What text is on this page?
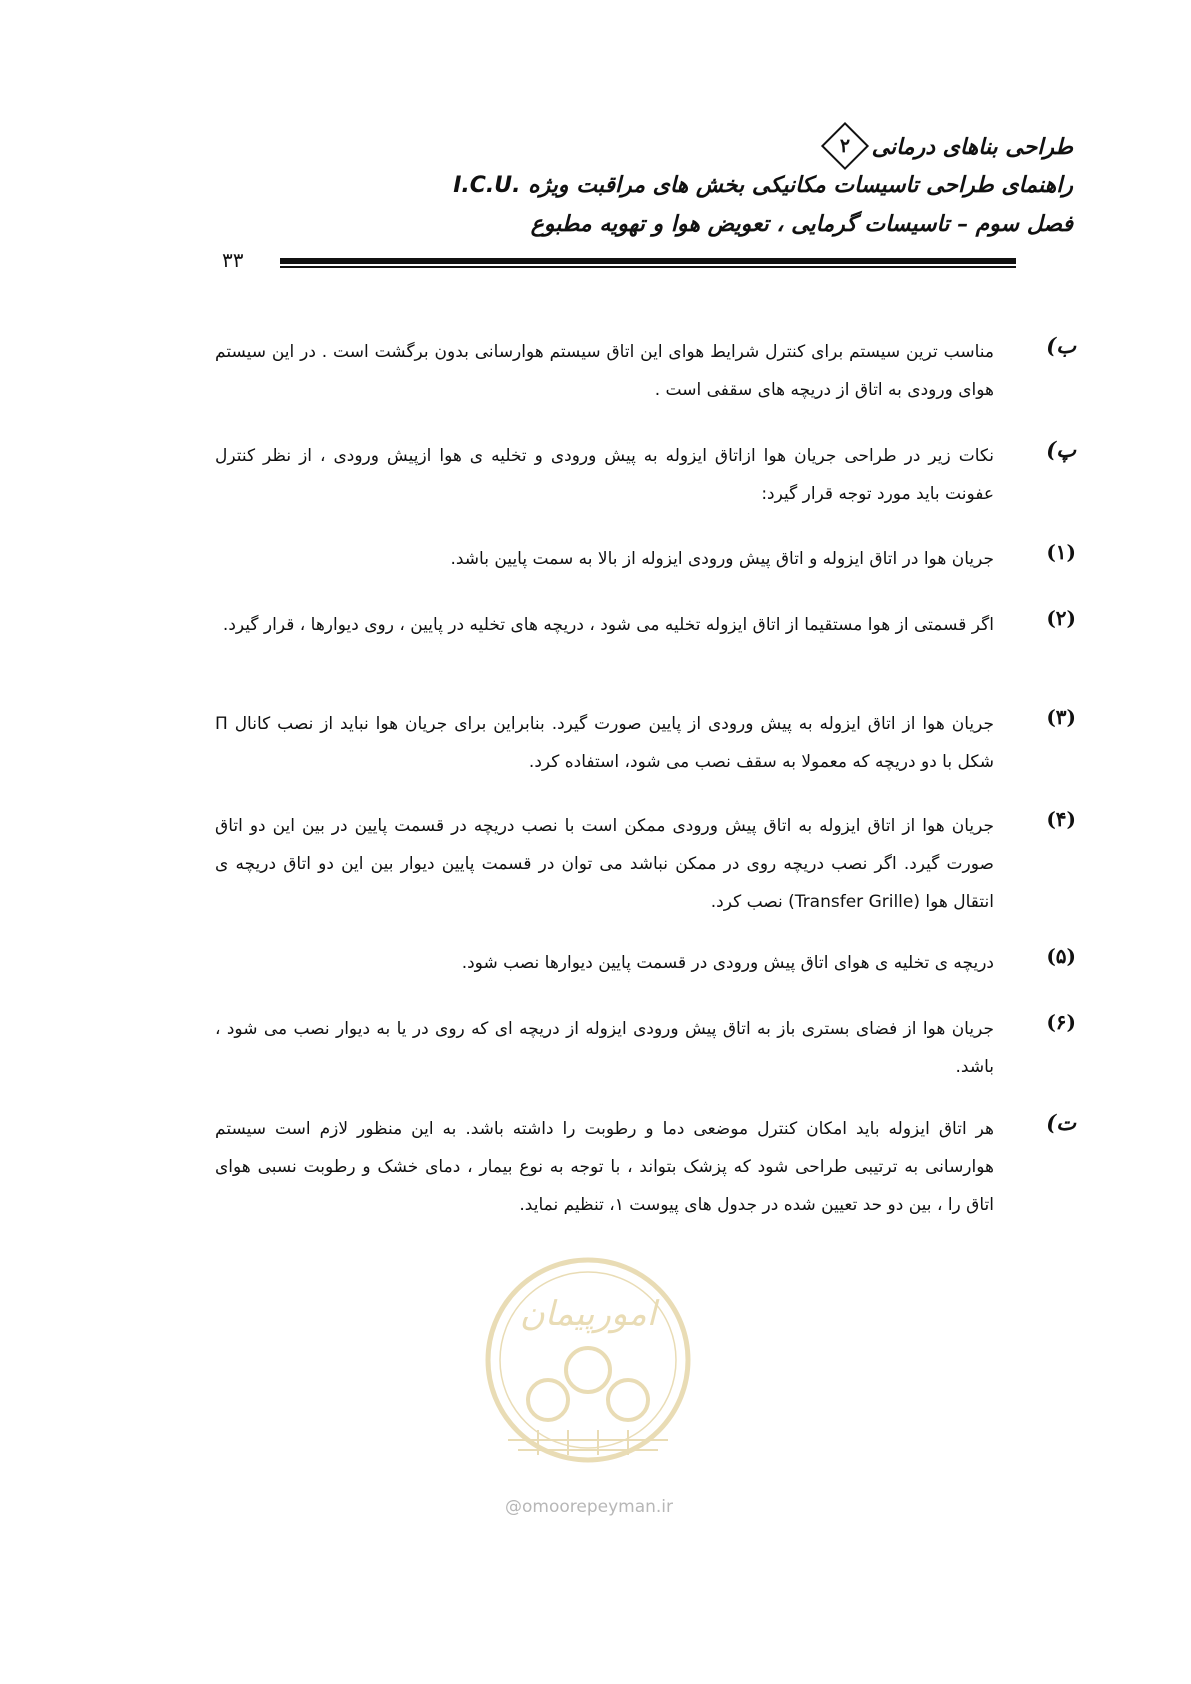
طراحی بناهای درمانی
۲
راهنمای طراحی تاسیسات مکانیکی بخش های مراقبت ویژه I.C.U.
فصل سوم – تاسیسات گرمایی ، تعویض هوا و تهویه مطبوع
۳۳
ب)
مناسب ترین سیستم برای کنترل شرایط هوای این اتاق سیستم هوارسانی بدون برگشت است . در این سیستم هوای ورودی به اتاق از دریچه های سقفی است .
پ)
نکات زیر در طراحی جریان هوا ازاتاق ایزوله به پیش ورودی و تخلیه ی هوا ازپیش ورودی ، از نظر کنترل عفونت باید مورد توجه قرار گیرد:
(۱)
جریان هوا در اتاق ایزوله و اتاق پیش ورودی ایزوله از بالا به سمت پایین باشد.
(۲)
اگر قسمتی از هوا مستقیما از اتاق ایزوله تخلیه می شود ، دریچه های تخلیه در پایین ، روی دیوارها ، قرار گیرد.
(۳)
جریان هوا از اتاق ایزوله به پیش ورودی از پایین صورت گیرد. بنابراین برای جریان هوا نباید از نصب کانال Π شکل با دو دریچه که معمولا به سقف نصب می شود، استفاده کرد.
(۴)
جریان هوا از اتاق ایزوله به اتاق پیش ورودی ممکن است با نصب دریچه در قسمت پایین در بین این دو اتاق صورت گیرد. اگر نصب دریچه روی در ممکن نباشد می توان در قسمت پایین دیوار بین این دو اتاق دریچه ی انتقال هوا (Transfer Grille) نصب کرد.
(۵)
دریچه ی تخلیه ی هوای اتاق پیش ورودی در قسمت پایین دیوارها نصب شود.
(۶)
جریان هوا از فضای بستری باز به اتاق پیش ورودی ایزوله از دریچه ای که روی در یا به دیوار نصب می شود ، باشد.
ت)
هر اتاق ایزوله باید امکان کنترل موضعی دما و رطوبت را داشته باشد. به این منظور لازم است سیستم هوارسانی به ترتیبی طراحی شود که پزشک بتواند ، با توجه به نوع بیمار ، دمای خشک و رطوبت نسبی هوای اتاق را ، بین دو حد تعیین شده در جدول های پیوست ۱، تنظیم نماید.
امورپیمان
@omoorepeyman.ir
